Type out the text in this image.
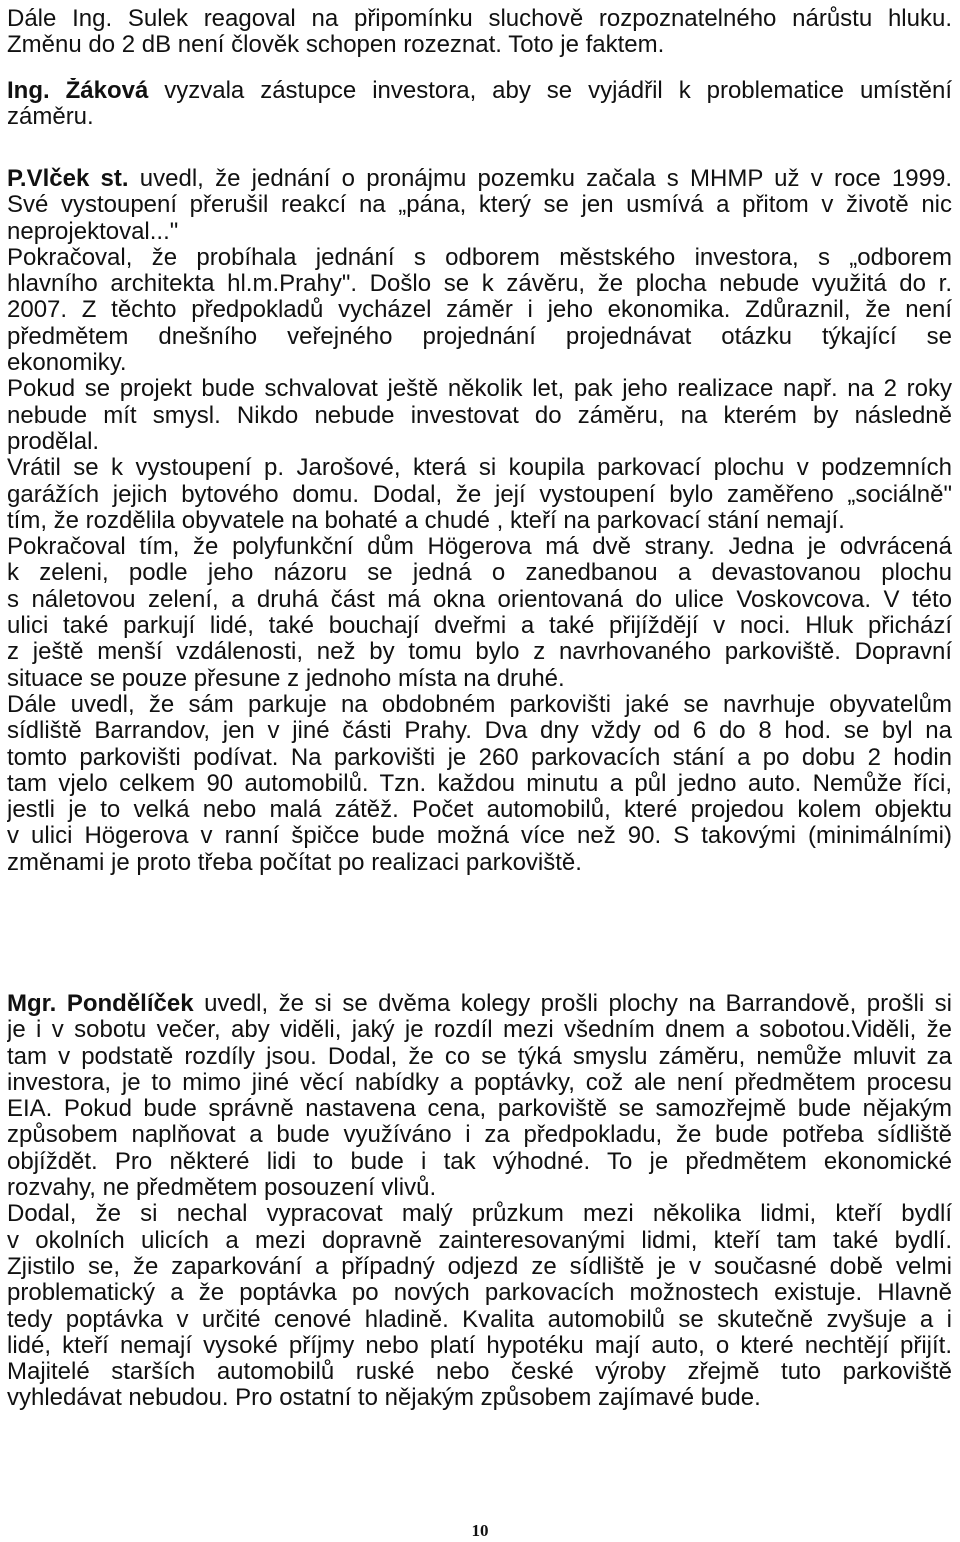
Dále Ing. Sulek reagoval na připomínku sluchově rozpoznatelného nárůstu hluku.
Změnu do 2 dB není člověk schopen rozeznat. Toto je faktem.
Ing. Žáková vyzvala zástupce investora, aby se vyjádřil k problematice umístění
záměru.
P.Vlček st. uvedl, že jednání o pronájmu pozemku začala s MHMP už v roce 1999.
Své vystoupení přerušil reakcí na „pána, který se jen usmívá a přitom v životě nic
neprojektoval..."
Pokračoval, že probíhala jednání s odborem městského investora, s „odborem
hlavního architekta hl.m.Prahy". Došlo se k závěru, že plocha nebude využitá do r.
2007. Z těchto předpokladů vycházel záměr i jeho ekonomika. Zdůraznil, že není
předmětem dnešního veřejného projednání projednávat otázku týkající se
ekonomiky.
Pokud se projekt bude schvalovat ještě několik let, pak jeho realizace např. na 2 roky
nebude mít smysl. Nikdo nebude investovat do záměru, na kterém by následně
prodělal.
Vrátil se k vystoupení p. Jarošové, která si koupila parkovací plochu v podzemních
garážích jejich bytového domu. Dodal, že její vystoupení bylo zaměřeno „sociálně"
tím, že rozdělila obyvatele na bohaté a chudé , kteří na parkovací stání nemají.
Pokračoval tím, že polyfunkční dům Högerova má dvě strany. Jedna je odvrácená
k zeleni, podle jeho názoru se jedná o zanedbanou a devastovanou plochu
s náletovou zelení, a druhá část má okna orientovaná do ulice Voskovcova. V této
ulici také parkují lidé, také bouchají dveřmi a také přijíždějí v noci. Hluk přichází
z ještě menší vzdálenosti, než by tomu bylo z navrhovaného parkoviště. Dopravní
situace se pouze přesune z jednoho místa na druhé.
Dále uvedl, že sám parkuje na obdobném parkovišti jaké se navrhuje obyvatelům
sídliště Barrandov, jen v jiné části Prahy. Dva dny vždy od 6 do 8 hod. se byl na
tomto parkovišti podívat. Na parkovišti je 260 parkovacích stání a po dobu 2 hodin
tam vjelo celkem 90 automobilů. Tzn. každou minutu a půl jedno auto. Nemůže říci,
jestli je to velká nebo malá zátěž. Počet automobilů, které projedou kolem objektu
v ulici Högerova v ranní špičce bude možná více než 90. S takovými (minimálními)
změnami je proto třeba počítat po realizaci parkoviště.
Mgr. Pondělíček uvedl, že si se dvěma kolegy prošli plochy na Barrandově, prošli si
je i v sobotu večer, aby viděli, jaký je rozdíl mezi všedním dnem a sobotou.Viděli, že
tam v podstatě rozdíly jsou. Dodal, že co se týká smyslu záměru, nemůže mluvit za
investora, je to mimo jiné věcí nabídky a poptávky, což ale není předmětem procesu
EIA. Pokud bude správně nastavena cena, parkoviště se samozřejmě bude nějakým
způsobem naplňovat a bude využíváno i za předpokladu, že bude potřeba sídliště
objíždět. Pro některé lidi to bude i tak výhodné. To je předmětem ekonomické
rozvahy, ne předmětem posouzení vlivů.
Dodal, že si nechal vypracovat malý průzkum mezi několika lidmi, kteří bydlí
v okolních ulicích a mezi dopravně zainteresovanými lidmi, kteří tam také bydlí.
Zjistilo se, že zaparkování a případný odjezd ze sídliště je v současné době velmi
problematický a že poptávka po nových parkovacích možnostech existuje. Hlavně
tedy poptávka v určité cenové hladině. Kvalita automobilů se skutečně zvyšuje a i
lidé, kteří nemají vysoké příjmy nebo platí hypotéku mají auto, o které nechtějí přijít.
Majitelé starších automobilů ruské nebo české výroby zřejmě tuto parkoviště
vyhledávat nebudou. Pro ostatní to nějakým způsobem zajímavé bude.
10
